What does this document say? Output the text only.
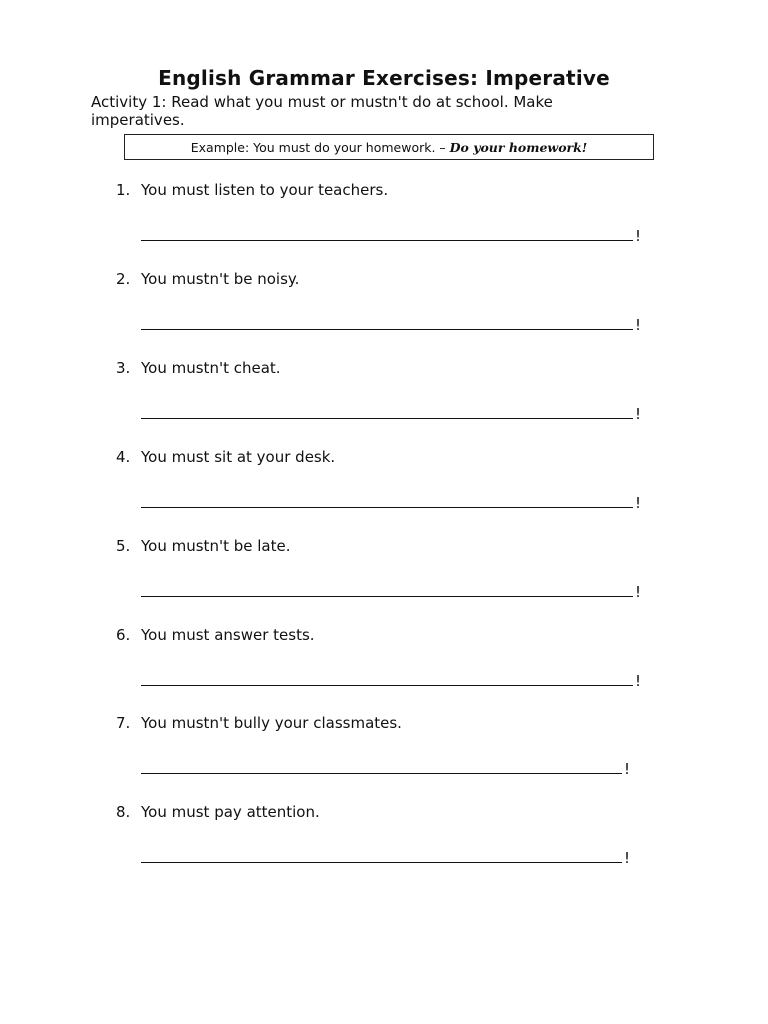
English Grammar Exercises: Imperative
Activity 1: Read what you must or mustn't do at school. Make imperatives.
Example: You must do your homework. –
Do your homework!
1. You must listen to your teachers.
!
2. You mustn't be noisy.
!
3. You mustn't cheat.
!
4. You must sit at your desk.
!
5. You mustn't be late.
!
6. You must answer tests.
!
7. You mustn't bully your classmates.
!
8. You must pay attention.
!
